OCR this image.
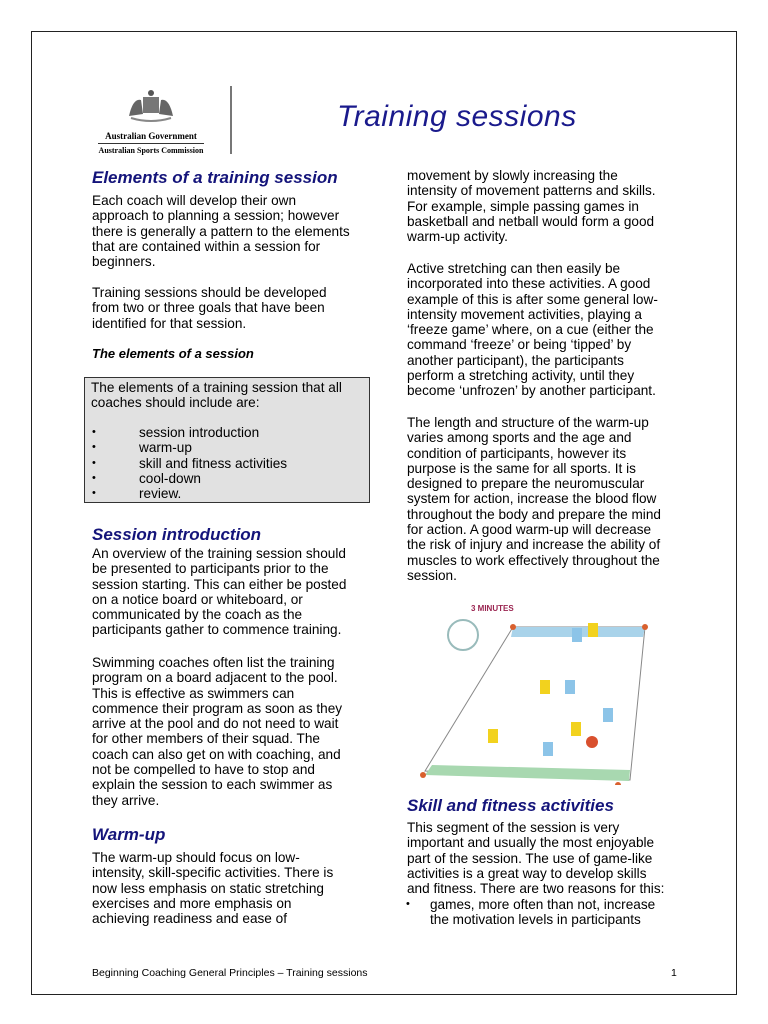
Australian Government
Australian Sports Commission
Training sessions
Elements of a training session
Each coach will develop their own
approach to planning a session; however
there is generally a pattern to the elements
that are contained within a session for
beginners.
Training sessions should be developed
from two or three goals that have been
identified for that session.
The elements of a session
The elements of a training session that all
coaches should include are:
• session introduction
• warm-up
• skill and fitness activities
• cool-down
• review.
Session introduction
An overview of the training session should
be presented to participants prior to the
session starting. This can either be posted
on a notice board or whiteboard, or
communicated by the coach as the
participants gather to commence training.
Swimming coaches often list the training
program on a board adjacent to the pool.
This is effective as swimmers can
commence their program as soon as they
arrive at the pool and do not need to wait
for other members of their squad. The
coach can also get on with coaching, and
not be compelled to have to stop and
explain the session to each swimmer as
they arrive.
Warm-up
The warm-up should focus on low-
intensity, skill-specific activities. There is
now less emphasis on static stretching
exercises and more emphasis on
achieving readiness and ease of
movement by slowly increasing the
intensity of movement patterns and skills.
For example, simple passing games in
basketball and netball would form a good
warm-up activity.
Active stretching can then easily be
incorporated into these activities. A good
example of this is after some general low-
intensity movement activities, playing a
‘freeze game’ where, on a cue (either the
command ‘freeze’ or being ‘tipped’ by
another participant), the participants
perform a stretching activity, until they
become ‘unfrozen’ by another participant.
The length and structure of the warm-up
varies among sports and the age and
condition of participants, however its
purpose is the same for all sports. It is
designed to prepare the neuromuscular
system for action, increase the blood flow
throughout the body and prepare the mind
for action. A good warm-up will decrease
the risk of injury and increase the ability of
muscles to work effectively throughout the
session.
3 MINUTES
Skill and fitness activities
This segment of the session is very
important and usually the most enjoyable
part of the session. The use of game-like
activities is a great way to develop skills
and fitness. There are two reasons for this:
• games, more often than not, increase
the motivation levels in participants
Beginning Coaching General Principles – Training sessions	1
